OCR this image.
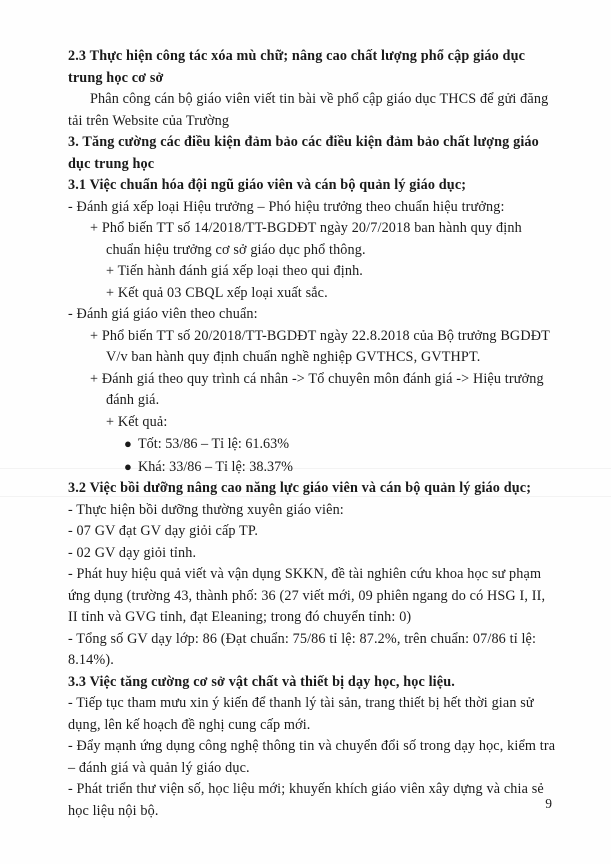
2.3 Thực hiện công tác xóa mù chữ; nâng cao chất lượng phổ cập giáo dục trung học cơ sở

Phân công cán bộ giáo viên viết tin bài về phổ cập giáo dục THCS để gửi đăng tải trên Website của Trường

3. Tăng cường các điều kiện đảm bảo các điều kiện đảm bảo chất lượng giáo dục trung học

3.1 Việc chuẩn hóa đội ngũ giáo viên và cán bộ quản lý giáo dục;

- Đánh giá xếp loại Hiệu trưởng – Phó hiệu trưởng theo chuẩn hiệu trưởng:

+ Phổ biến TT số 14/2018/TT-BGDĐT ngày 20/7/2018 ban hành quy định chuẩn hiệu trưởng cơ sở giáo dục phổ thông.

+ Tiến hành đánh giá xếp loại theo qui định.

+ Kết quả 03 CBQL xếp loại xuất sắc.

- Đánh giá giáo viên theo chuẩn:

+ Phổ biến TT số 20/2018/TT-BGDĐT ngày 22.8.2018 của Bộ trưởng BGDĐT V/v ban hành quy định chuẩn nghề nghiệp GVTHCS, GVTHPT.

+ Đánh giá theo quy trình cá nhân -> Tổ chuyên môn đánh giá -> Hiệu trưởng đánh giá.

+ Kết quả:

● Tốt: 53/86 – Tỉ lệ: 61.63%
● Khá: 33/86 – Tỉ lệ: 38.37%

3.2 Việc bồi dưỡng nâng cao năng lực giáo viên và cán bộ quản lý giáo dục;

- Thực hiện bồi dưỡng thường xuyên giáo viên:

- 07 GV đạt GV dạy giỏi cấp TP.

- 02 GV dạy giỏi tỉnh.

- Phát huy hiệu quả viết và vận dụng SKKN, đề tài nghiên cứu khoa học sư phạm ứng dụng (trường 43, thành phố: 36 (27 viết mới, 09 phiên ngang do có HSG I, II, II tỉnh và GVG tỉnh, đạt Eleaning; trong đó chuyển tỉnh: 0)

- Tổng số GV dạy lớp: 86 (Đạt chuẩn: 75/86 tỉ lệ: 87.2%, trên chuẩn: 07/86 tỉ lệ: 8.14%).

3.3 Việc tăng cường cơ sở vật chất và thiết bị dạy học, học liệu.

- Tiếp tục tham mưu xin ý kiến để thanh lý tài sản, trang thiết bị hết thời gian sử dụng, lên kế hoạch đề nghị cung cấp mới.

- Đẩy mạnh ứng dụng công nghệ thông tin và chuyển đổi số trong dạy học, kiểm tra – đánh giá và quản lý giáo dục.

- Phát triển thư viện số, học liệu mới; khuyến khích giáo viên xây dựng và chia sẻ học liệu nội bộ.	9
